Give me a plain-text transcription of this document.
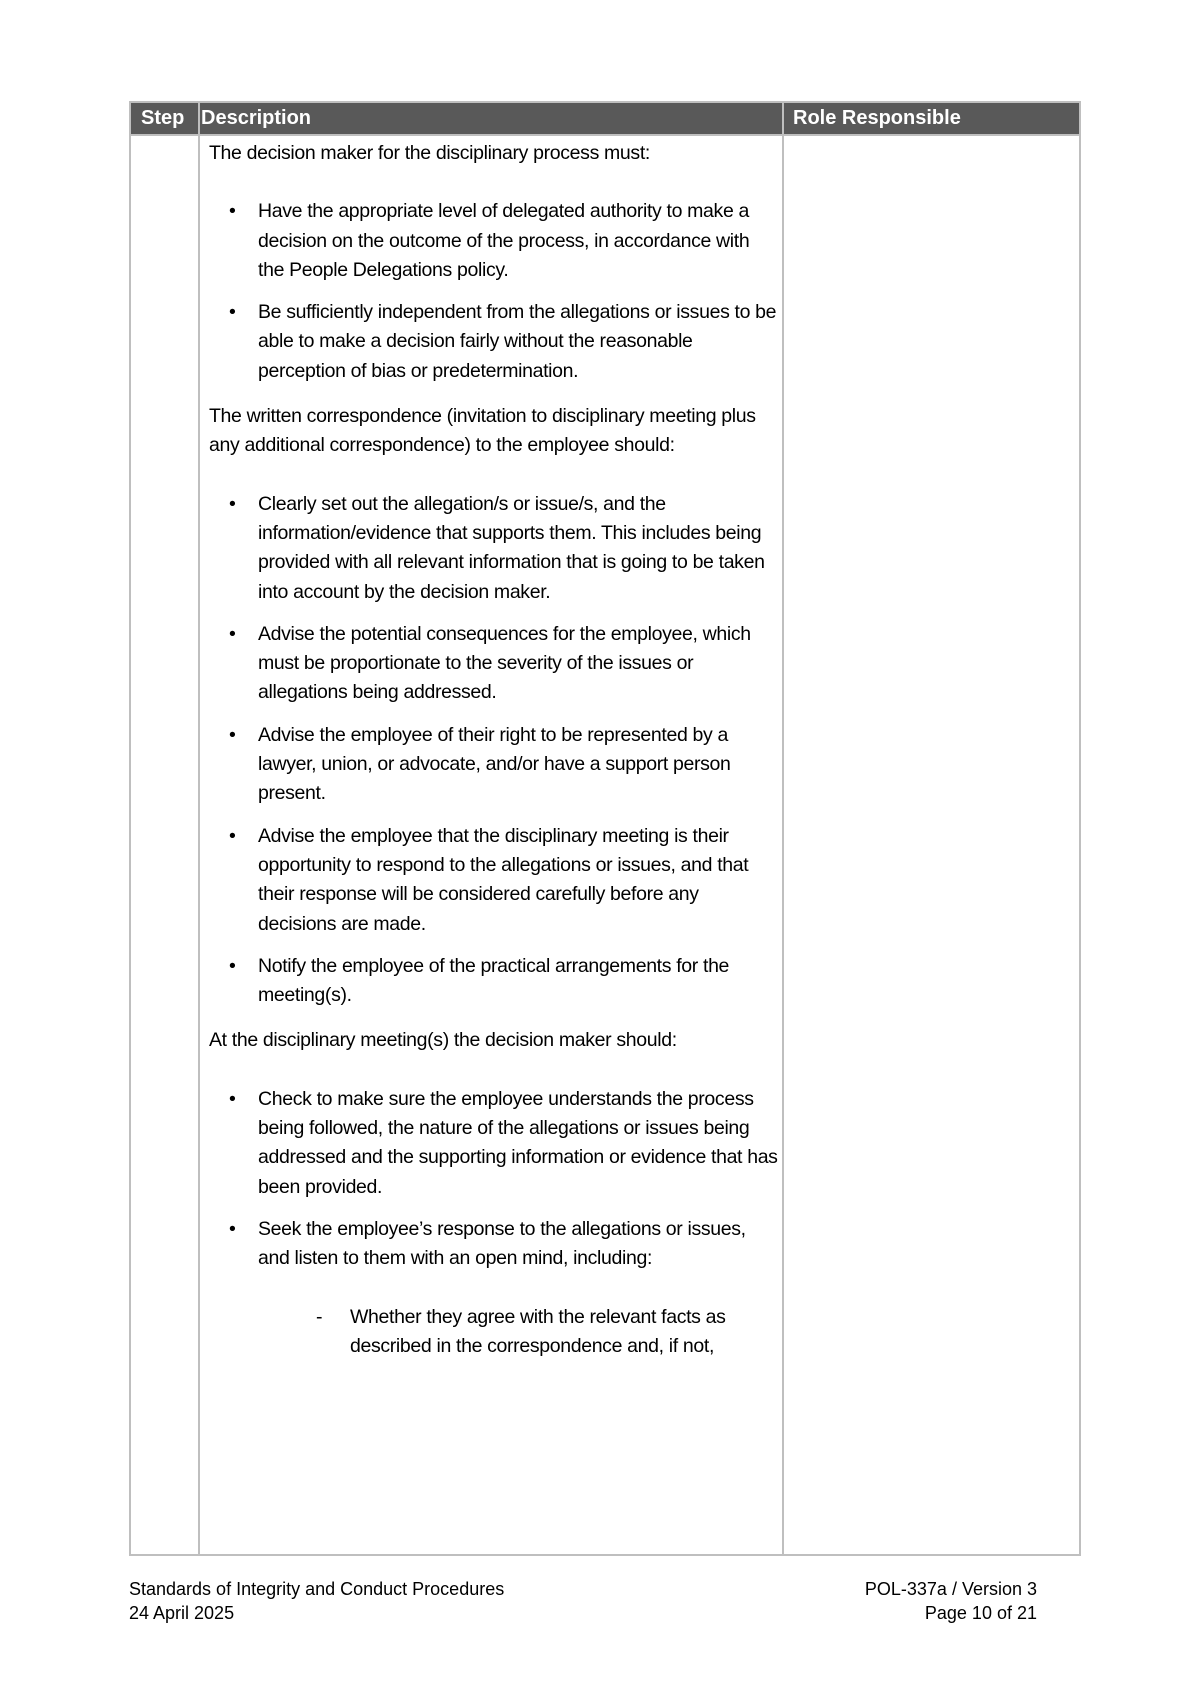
Step Description	Role Responsible

The decision maker for the disciplinary process must:

• Have the appropriate level of delegated authority to make a decision on the outcome of the process, in accordance with the People Delegations policy.
• Be sufficiently independent from the allegations or issues to be able to make a decision fairly without the reasonable perception of bias or predetermination.

The written correspondence (invitation to disciplinary meeting plus any additional correspondence) to the employee should:

• Clearly set out the allegation/s or issue/s, and the information/evidence that supports them. This includes being provided with all relevant information that is going to be taken into account by the decision maker.
• Advise the potential consequences for the employee, which must be proportionate to the severity of the issues or allegations being addressed.
• Advise the employee of their right to be represented by a lawyer, union, or advocate, and/or have a support person present.
• Advise the employee that the disciplinary meeting is their opportunity to respond to the allegations or issues, and that their response will be considered carefully before any decisions are made.
• Notify the employee of the practical arrangements for the meeting(s).

At the disciplinary meeting(s) the decision maker should:

• Check to make sure the employee understands the process being followed, the nature of the allegations or issues being addressed and the supporting information or evidence that has been provided.
• Seek the employee’s response to the allegations or issues, and listen to them with an open mind, including:
- Whether they agree with the relevant facts as described in the correspondence and, if not,
Standards of Integrity and Conduct Procedures
24 April 2025
POL-337a / Version 3
Page 10 of 21
